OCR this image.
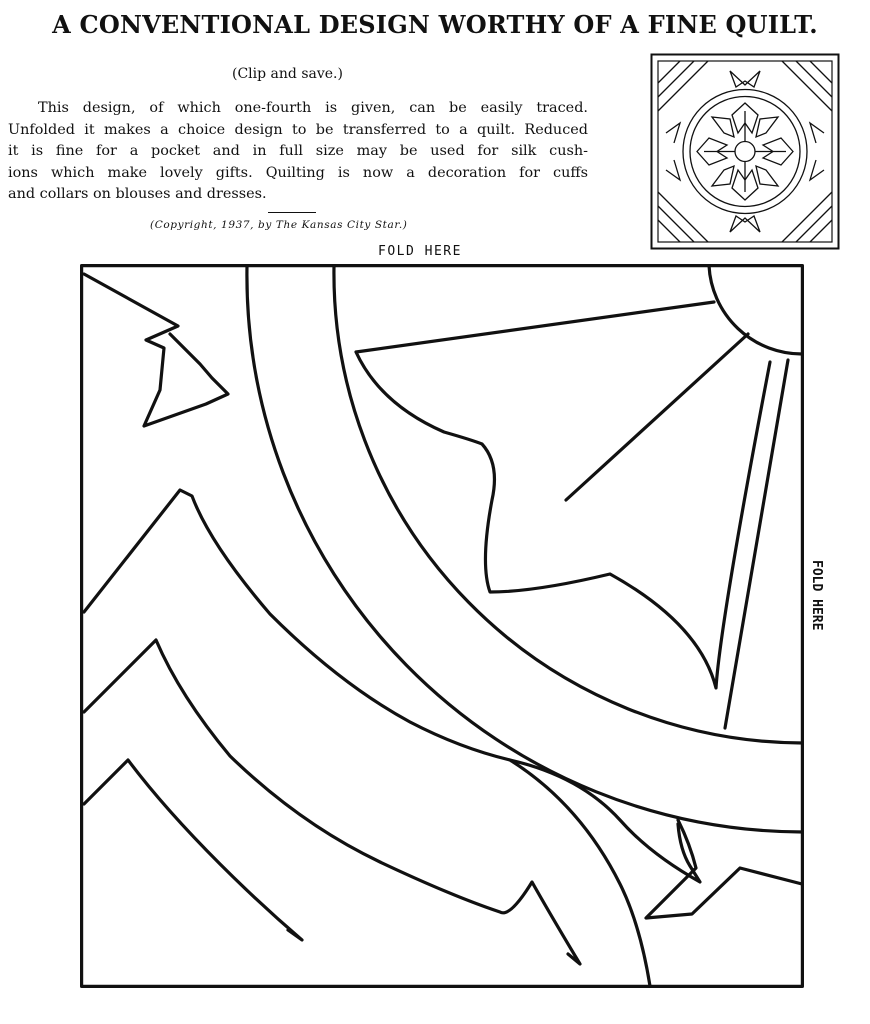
A CONVENTIONAL DESIGN WORTHY OF A FINE QUILT.
(Clip and save.)
This design, of which one-fourth is given, can be easily traced.
Unfolded it makes a choice design to be transferred to a quilt. Reduced
it is fine for a pocket and in full size may be used for silk cush-
ions which make lovely gifts. Quilting is now a decoration for cuffs
and collars on blouses and dresses.
(Copyright, 1937, by The Kansas City Star.)
FOLD HERE
FOLD HERE
